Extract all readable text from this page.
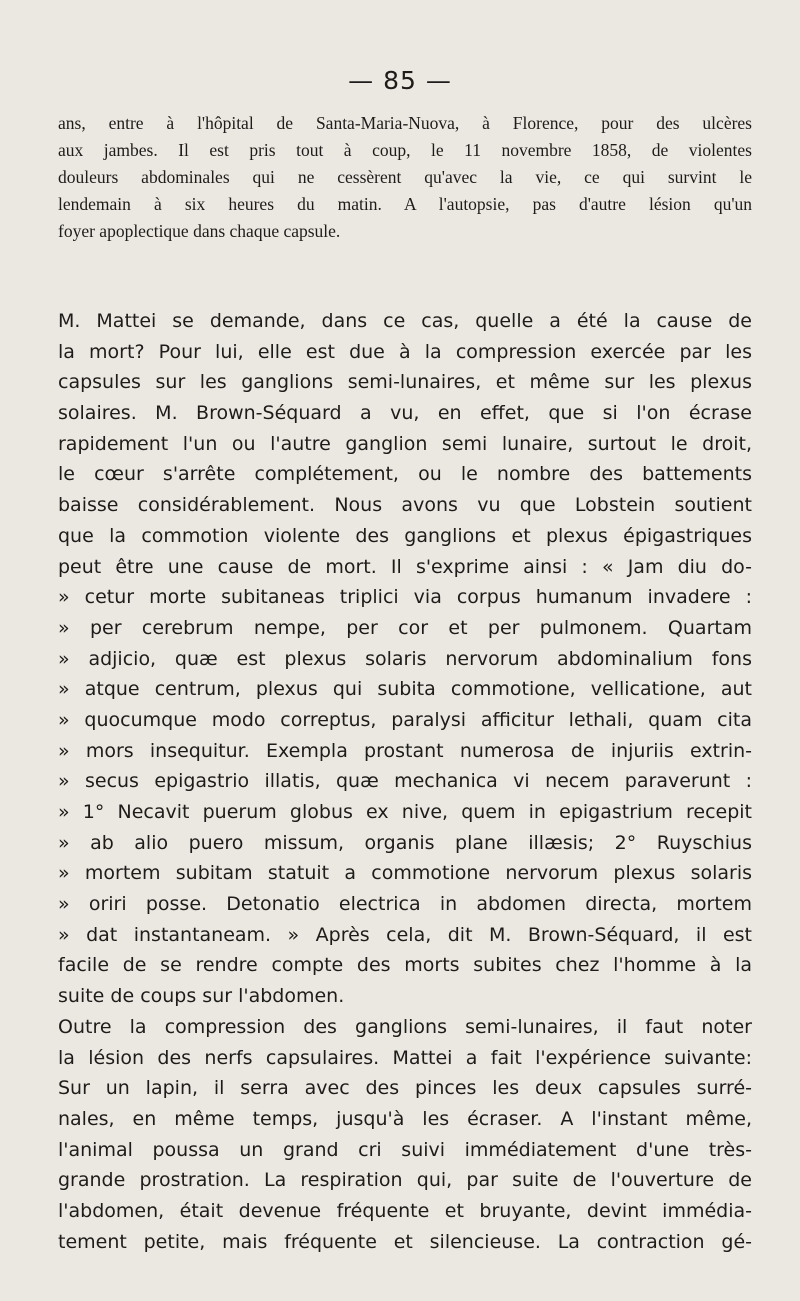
— 85 —
ans, entre à l'hôpital de Santa-Maria-Nuova, à Florence, pour des ulcères
aux jambes. Il est pris tout à coup, le 11 novembre 1858, de violentes
douleurs abdominales qui ne cessèrent qu'avec la vie, ce qui survint le
lendemain à six heures du matin. A l'autopsie, pas d'autre lésion qu'un
foyer apoplectique dans chaque capsule.
M. Mattei se demande, dans ce cas, quelle a été la cause de
la mort? Pour lui, elle est due à la compression exercée par les
capsules sur les ganglions semi-lunaires, et même sur les plexus
solaires. M. Brown-Séquard a vu, en effet, que si l'on écrase
rapidement l'un ou l'autre ganglion semi lunaire, surtout le droit,
le cœur s'arrête complétement, ou le nombre des battements
baisse considérablement. Nous avons vu que Lobstein soutient
que la commotion violente des ganglions et plexus épigastriques
peut être une cause de mort. Il s'exprime ainsi : « Jam diu do-
» cetur morte subitaneas triplici via corpus humanum invadere :
» per cerebrum nempe, per cor et per pulmonem. Quartam
» adjicio, quæ est plexus solaris nervorum abdominalium fons
» atque centrum, plexus qui subita commotione, vellicatione, aut
» quocumque modo correptus, paralysi afficitur lethali, quam cita
» mors insequitur. Exempla prostant numerosa de injuriis extrin-
» secus epigastrio illatis, quæ mechanica vi necem paraverunt :
» 1° Necavit puerum globus ex nive, quem in epigastrium recepit
» ab alio puero missum, organis plane illæsis; 2° Ruyschius
» mortem subitam statuit a commotione nervorum plexus solaris
» oriri posse. Detonatio electrica in abdomen directa, mortem
» dat instantaneam. » Après cela, dit M. Brown-Séquard, il est
facile de se rendre compte des morts subites chez l'homme à la
suite de coups sur l'abdomen.
Outre la compression des ganglions semi-lunaires, il faut noter
la lésion des nerfs capsulaires. Mattei a fait l'expérience suivante:
Sur un lapin, il serra avec des pinces les deux capsules surré-
nales, en même temps, jusqu'à les écraser. A l'instant même,
l'animal poussa un grand cri suivi immédiatement d'une très-
grande prostration. La respiration qui, par suite de l'ouverture de
l'abdomen, était devenue fréquente et bruyante, devint immédia-
tement petite, mais fréquente et silencieuse. La contraction gé-
